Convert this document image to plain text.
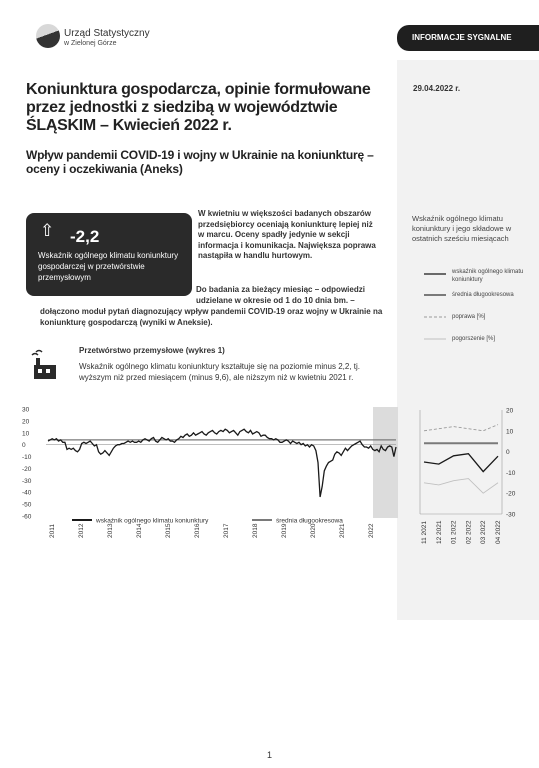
Urząd Statystyczny
w Zielonej Górze
INFORMACJE SYGNALNE
29.04.2022 r.
Koniunktura gospodarcza, opinie formułowane przez jednostki z siedzibą w województwie ŚLĄSKIM – Kwiecień 2022 r.
Wpływ pandemii COVID-19 i wojny w Ukrainie na koniunkturę – oceny i oczekiwania (Aneks)
⇧ -2,2
Wskaźnik ogólnego klimatu koniunktury gospodarczej w przetwórstwie przemysłowym
W kwietniu w większości badanych obszarów przedsiębiorcy oceniają koniunkturę lepiej niż w marcu. Oceny spadły jedynie w sekcji informacja i komunikacja. Największa poprawa nastąpiła w handlu hurtowym.
Do badania za bieżący miesiąc – odpowiedzi udzielane w okresie od 1 do 10 dnia bm. –
dołączono moduł pytań diagnozujący wpływ pandemii COVID-19 oraz wojny w Ukrainie na koniunkturę gospodarczą (wyniki w Aneksie).
Przetwórstwo przemysłowe (wykres 1)
Wskaźnik ogólnego klimatu koniunktury kształtuje się na poziomie minus 2,2, tj. wyższym niż przed miesiącem (minus 9,6), ale niższym niż w kwietniu 2021 r.
Wskaźnik ogólnego klimatu koniunktury i jego składowe w ostatnich sześciu miesiącach
wskaźnik ogólnego klimatu koniunktury
średnia długookresowa
poprawa [%]
pogorszenie [%]
30
20
10
0
-10
-20
-30
-40
-50
-60
2011	2012	2013	2014	2015	2016	2017	2018	2019	2020	2021	2022
wskaźnik ogólnego klimatu koniunktury	średnia długookresowa
20
10
0
-10
-20
-30
11 2021 12 2021 01 2022 02 2022 03 2022 04 2022
1
